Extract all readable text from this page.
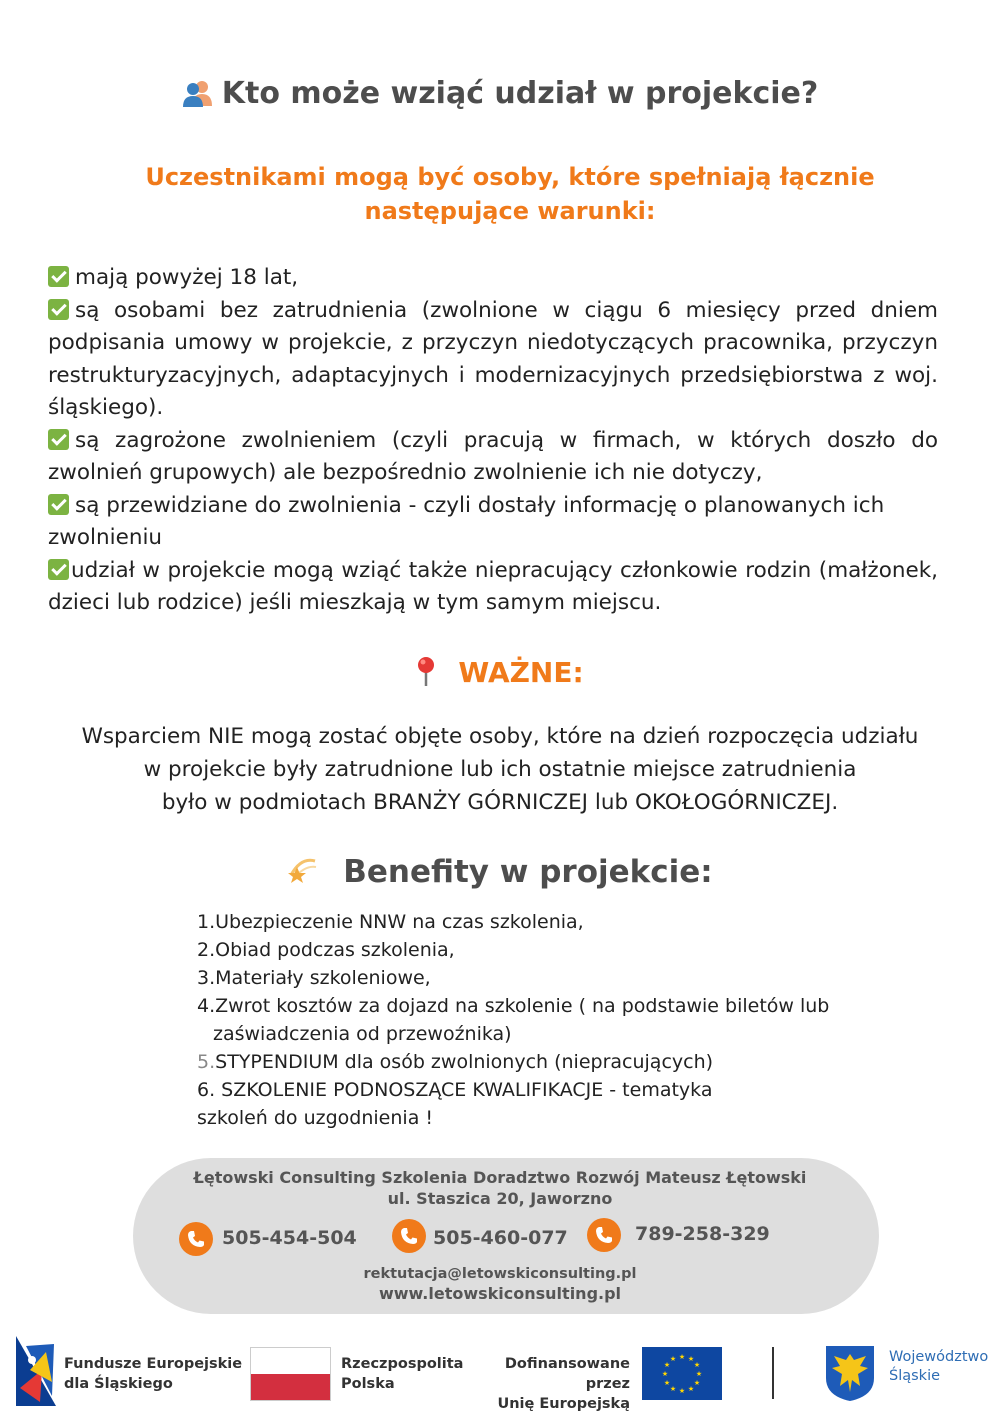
Kto może wziąć udział w projekcie?
Uczestnikami mogą być osoby, które spełniają łącznie następujące warunki:

mają powyżej 18 lat,

są osobami bez zatrudnienia (zwolnione w ciągu 6 miesięcy przed dniem podpisania umowy w projekcie, z przyczyn niedotyczących pracownika, przyczyn restrukturyzacyjnych, adaptacyjnych i modernizacyjnych przedsiębiorstwa z woj. śląskiego).

są zagrożone zwolnieniem (czyli pracują w firmach, w których doszło do zwolnień grupowych) ale bezpośrednio zwolnienie ich nie dotyczy,

są przewidziane do zwolnienia - czyli dostały informację o planowanych ich zwolnieniu

udział w projekcie mogą wziąć także niepracujący członkowie rodzin (małżonek, dzieci lub rodzice) jeśli mieszkają w tym samym miejscu.

WAŻNE:
Wsparciem NIE mogą zostać objęte osoby, które na dzień rozpoczęcia udziału
w projekcie były zatrudnione lub ich ostatnie miejsce zatrudnienia
było w podmiotach BRANŻY GÓRNICZEJ lub OKOŁOGÓRNICZEJ.
Benefity w projekcie:
1.Ubezpieczenie NNW na czas szkolenia,
2.Obiad podczas szkolenia,
3.Materiały szkoleniowe,
4.Zwrot kosztów za dojazd na szkolenie ( na podstawie biletów lub
zaświadczenia od przewoźnika)
5.STYPENDIUM dla osób zwolnionych (niepracujących)
6. SZKOLENIE PODNOSZĄCE KWALIFIKACJE - tematyka
szkoleń do uzgodnienia !
Łętowski Consulting Szkolenia Doradztwo Rozwój Mateusz Łętowski
ul. Staszica 20, Jaworzno
505-454-504	505-460-077	789-258-329
rektutacja@letowskiconsulting.pl
www.letowskiconsulting.pl
Fundusze Europejskie
dla Śląskiego
Rzeczpospolita
Polska
Dofinansowane przez
Unię Europejską
★ ★
★
★
★
★
★
★
★
★
★
★	Województwo
Śląskie
